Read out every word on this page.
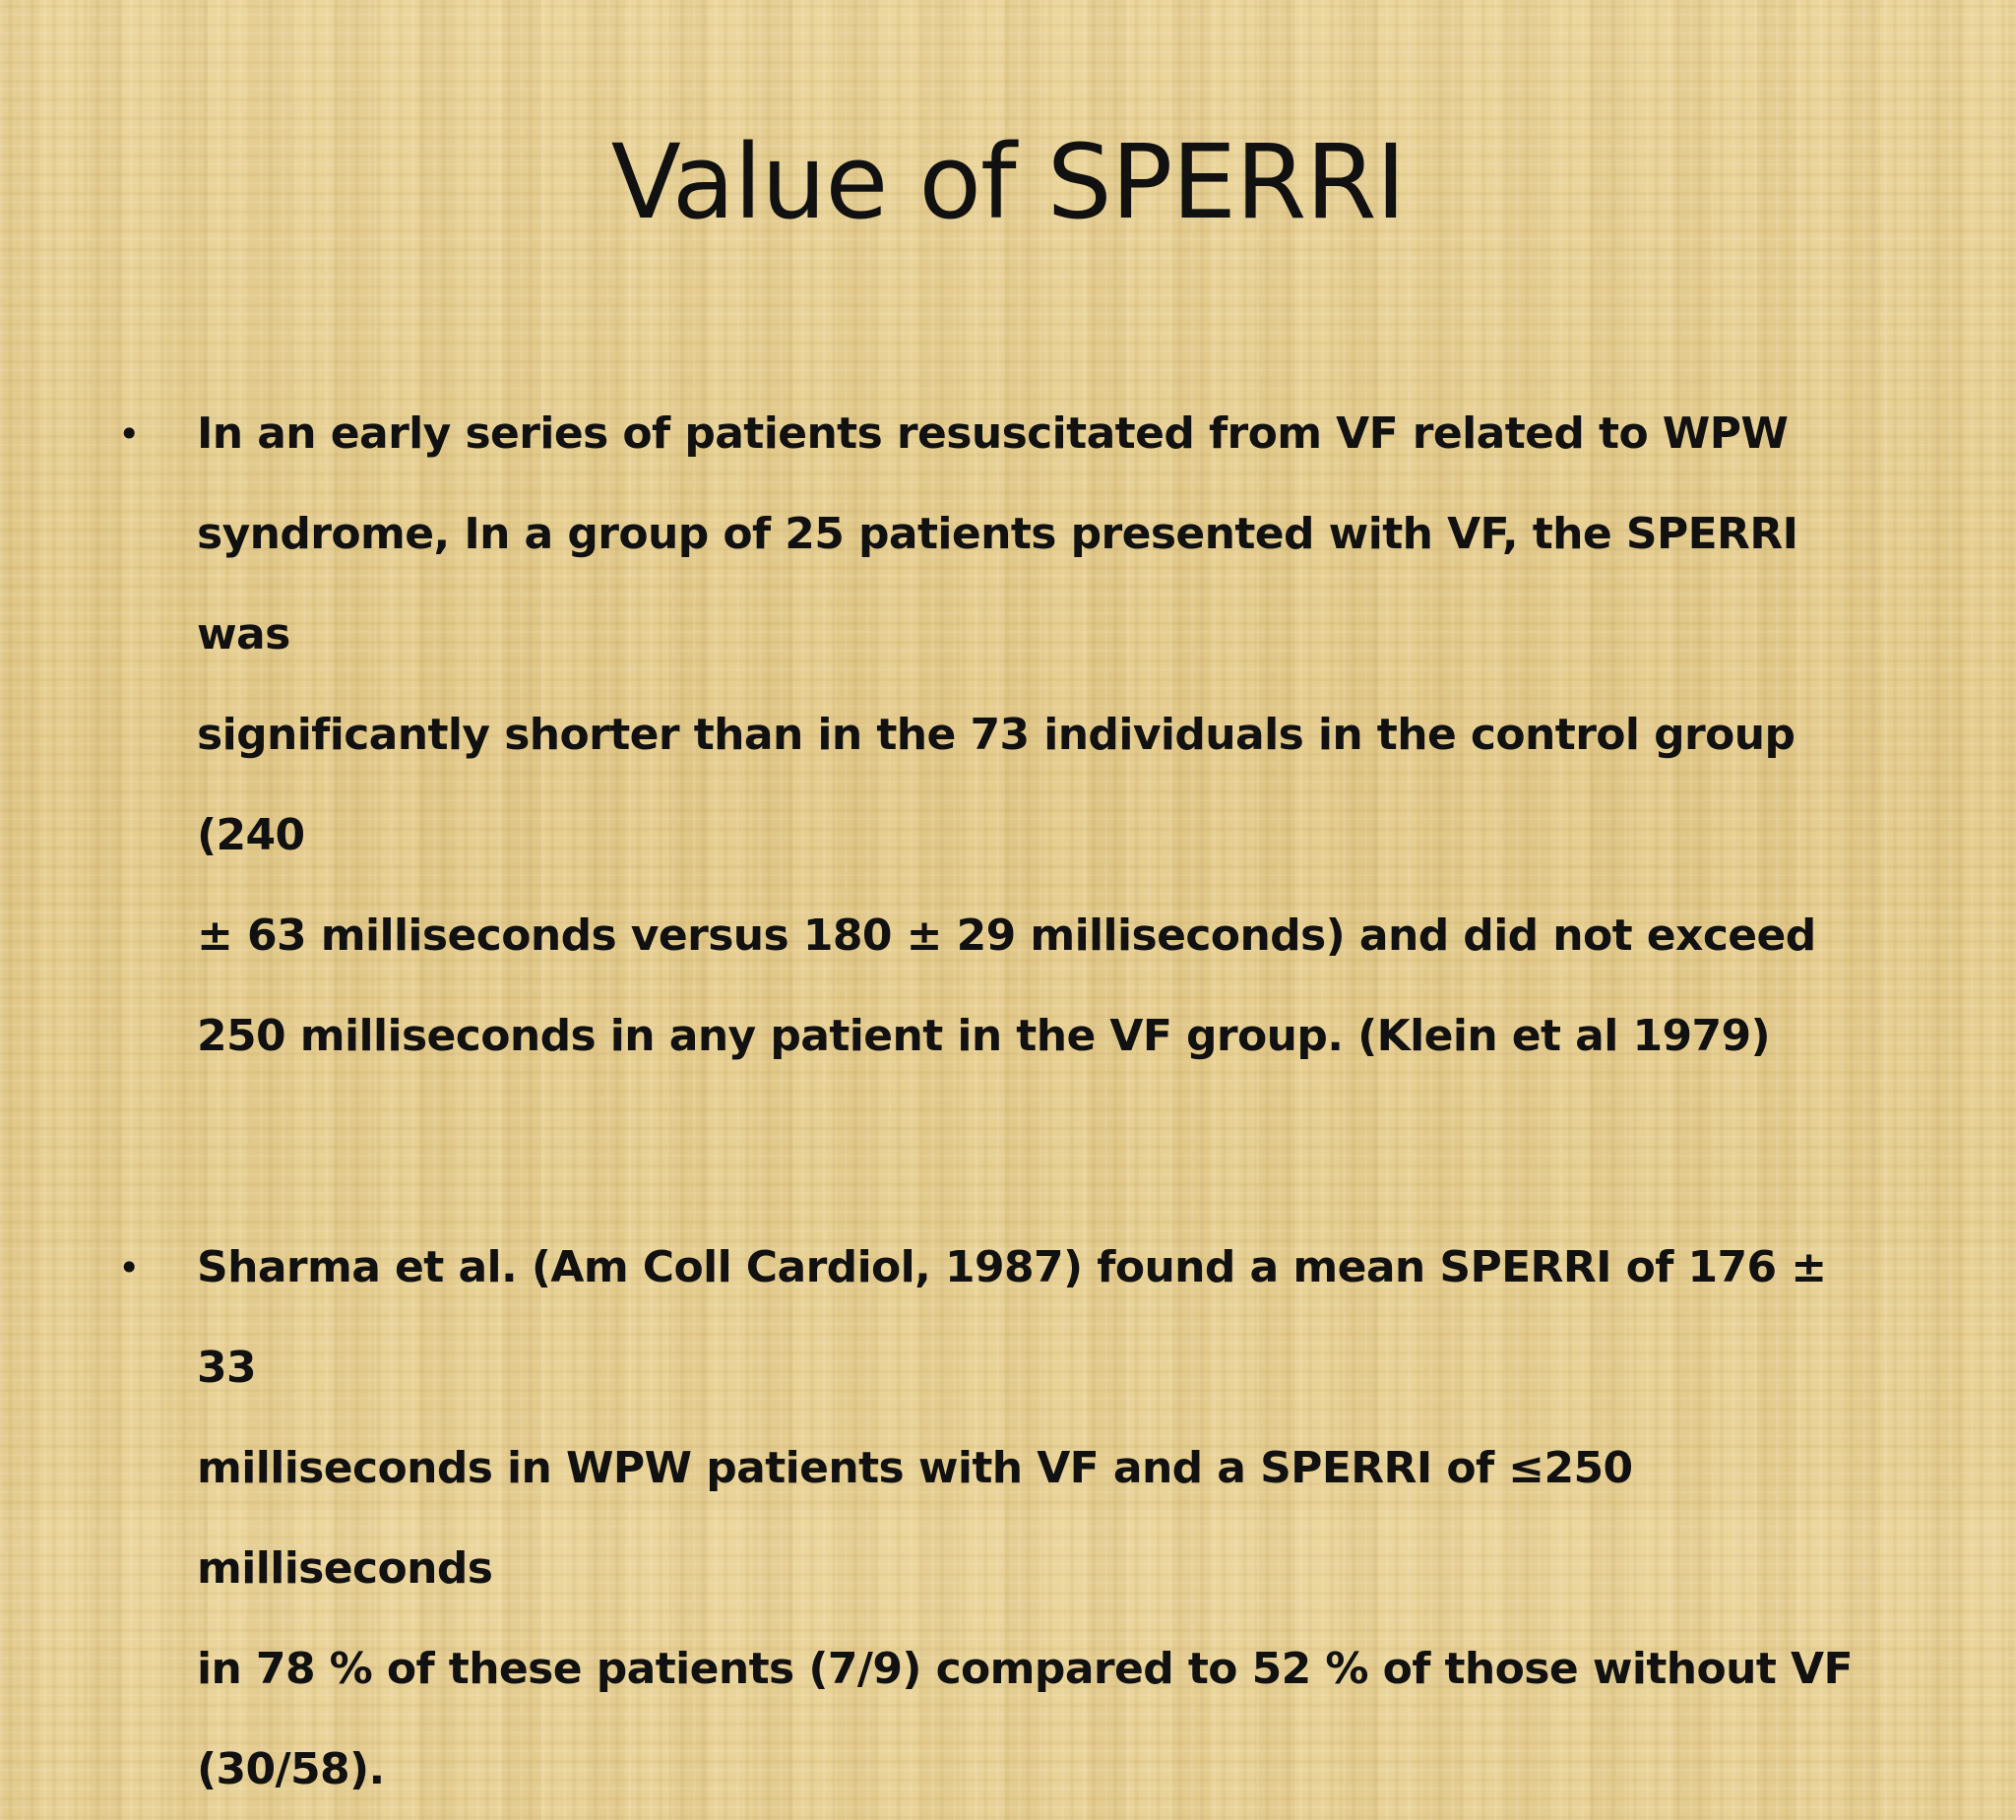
Value of SPERRI
• In an early series of patients resuscitated from VF related to WPW
syndrome, In a group of 25 patients presented with VF, the SPERRI was
significantly shorter than in the 73 individuals in the control group (240
± 63 milliseconds versus 180 ± 29 milliseconds) and did not exceed
250 milliseconds in any patient in the VF group. (Klein et al 1979)
• Sharma et al. (Am Coll Cardiol, 1987) found a mean SPERRI of 176 ± 33
milliseconds in WPW patients with VF and a SPERRI of ≤250 milliseconds
in 78 % of these patients (7/9) compared to 52 % of those without VF
(30/58).
